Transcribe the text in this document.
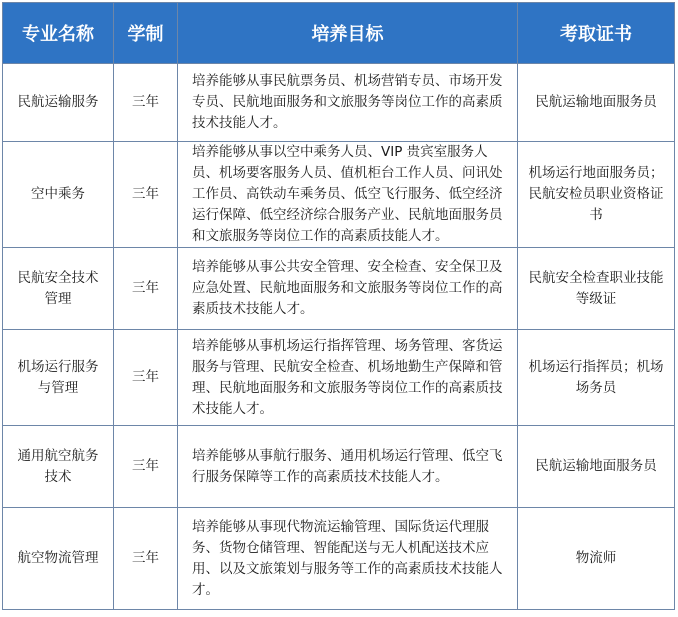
专业名称	学制	培养目标	考取证书
民航运输服务	三年	培养能够从事民航票务员、机场营销专员、市场开发专员、民航地面服务和文旅服务等岗位工作的高素质技术技能人才。	民航运输地面服务员
空中乘务	三年	培养能够从事以空中乘务人员、VIP 贵宾室服务人员、机场要客服务人员、值机柜台工作人员、问讯处工作员、高铁动车乘务员、低空飞行服务、低空经济运行保障、低空经济综合服务产业、民航地面服务员和文旅服务等岗位工作的高素质技能人才。	机场运行地面服务员；民航安检员职业资格证书
民航安全技术管理	三年	培养能够从事公共安全管理、安全检查、安全保卫及应急处置、民航地面服务和文旅服务等岗位工作的高素质技术技能人才。	民航安全检查职业技能等级证
机场运行服务与管理	三年	培养能够从事机场运行指挥管理、场务管理、客货运服务与管理、民航安全检查、机场地勤生产保障和管理、民航地面服务和文旅服务等岗位工作的高素质技术技能人才。	机场运行指挥员；机场场务员
通用航空航务技术	三年	培养能够从事航行服务、通用机场运行管理、低空飞行服务保障等工作的高素质技术技能人才。	民航运输地面服务员
航空物流管理	三年	培养能够从事现代物流运输管理、国际货运代理服务、货物仓储管理、智能配送与无人机配送技术应用、以及文旅策划与服务等工作的高素质技术技能人才。	物流师
